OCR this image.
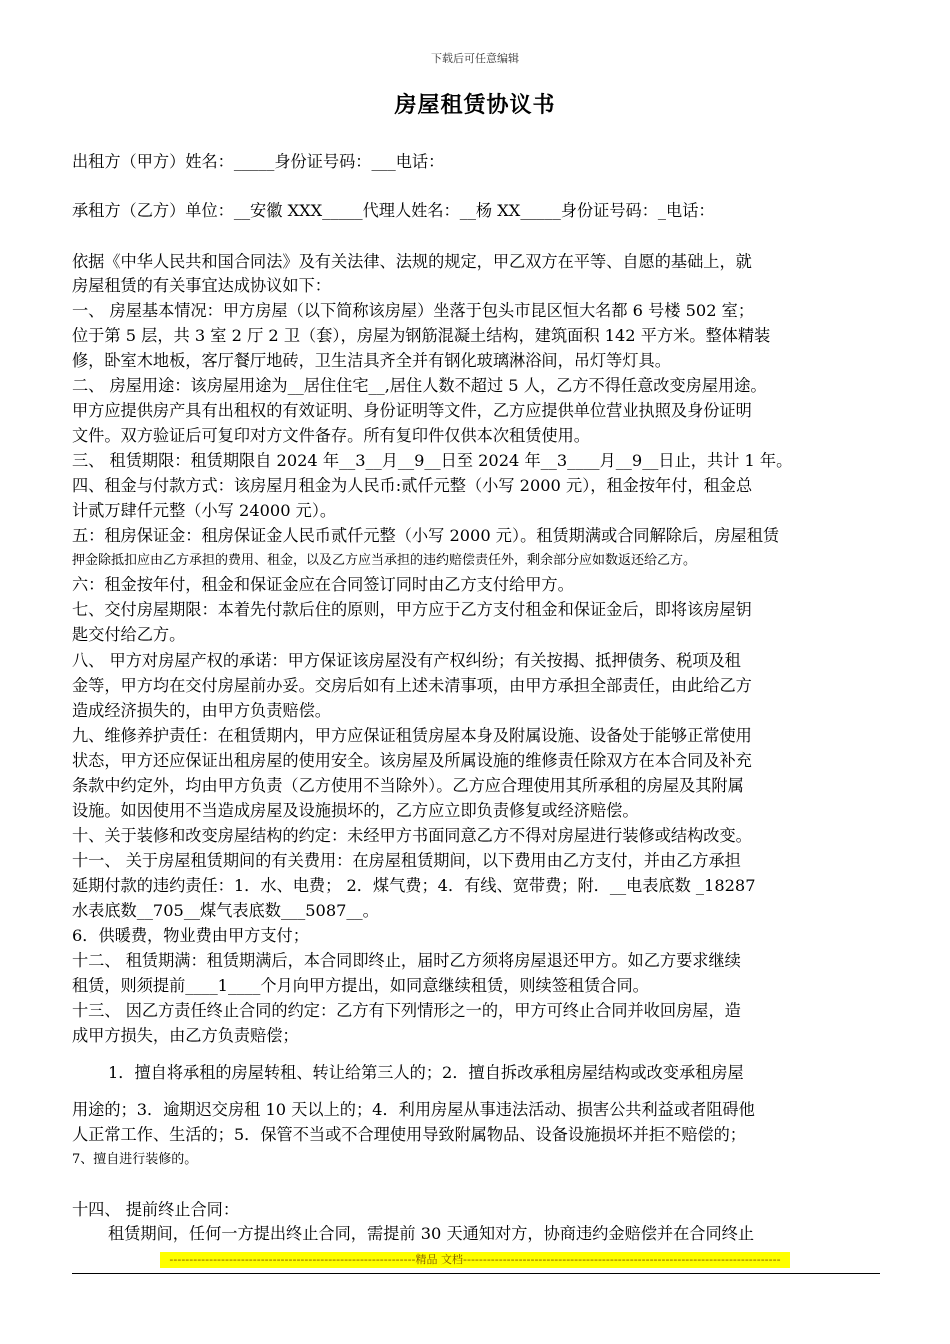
下载后可任意编辑
房屋租赁协议书
出租方（甲方）姓名：_____身份证号码：___电话：
承租方（乙方）单位：__安徽 XXX_____代理人姓名：__杨 XX_____身份证号码：_电话：
依据《中华人民共和国合同法》及有关法律、法规的规定，甲乙双方在平等、自愿的基础上，就
房屋租赁的有关事宜达成协议如下：
一、 房屋基本情况：甲方房屋（以下简称该房屋）坐落于包头市昆区恒大名都 6 号楼 502 室；
位于第 5 层，共 3 室 2 厅 2 卫（套），房屋为钢筋混凝土结构，建筑面积 142 平方米。整体精装
修，卧室木地板，客厅餐厅地砖，卫生洁具齐全并有钢化玻璃淋浴间，吊灯等灯具。
二、 房屋用途：该房屋用途为__居住住宅__,居住人数不超过 5 人，乙方不得任意改变房屋用途。
甲方应提供房产具有出租权的有效证明、身份证明等文件，乙方应提供单位营业执照及身份证明
文件。双方验证后可复印对方文件备存。所有复印件仅供本次租赁使用。
三、 租赁期限：租赁期限自 2024 年__3__月__9__日至 2024 年__3____月__9__日止，共计 1 年。
四、租金与付款方式：该房屋月租金为人民币:贰仟元整（小写 2000 元），租金按年付，租金总
计贰万肆仟元整（小写 24000 元）。
五：租房保证金：租房保证金人民币贰仟元整（小写 2000 元）。租赁期满或合同解除后，房屋租赁
押金除抵扣应由乙方承担的费用、租金，以及乙方应当承担的违约赔偿责任外，剩余部分应如数返还给乙方。
六：租金按年付，租金和保证金应在合同签订同时由乙方支付给甲方。
七、交付房屋期限：本着先付款后住的原则，甲方应于乙方支付租金和保证金后，即将该房屋钥
匙交付给乙方。
八、 甲方对房屋产权的承诺：甲方保证该房屋没有产权纠纷；有关按揭、抵押债务、税项及租
金等，甲方均在交付房屋前办妥。交房后如有上述未清事项，由甲方承担全部责任，由此给乙方
造成经济损失的，由甲方负责赔偿。
九、维修养护责任：在租赁期内，甲方应保证租赁房屋本身及附属设施、设备处于能够正常使用
状态，甲方还应保证出租房屋的使用安全。该房屋及所属设施的维修责任除双方在本合同及补充
条款中约定外，均由甲方负责（乙方使用不当除外）。乙方应合理使用其所承租的房屋及其附属
设施。如因使用不当造成房屋及设施损坏的，乙方应立即负责修复或经济赔偿。
十、关于装修和改变房屋结构的约定：未经甲方书面同意乙方不得对房屋进行装修或结构改变。
十一、 关于房屋租赁期间的有关费用：在房屋租赁期间，以下费用由乙方支付，并由乙方承担
延期付款的违约责任：1．水、电费； 2．煤气费；4．有线、宽带费；附．__电表底数 _18287
水表底数__705__煤气表底数___5087__。
6．供暖费，物业费由甲方支付；
十二、 租赁期满：租赁期满后，本合同即终止，届时乙方须将房屋退还甲方。如乙方要求继续
租赁，则须提前____1____个月向甲方提出，如同意继续租赁，则续签租赁合同。
十三、 因乙方责任终止合同的约定：乙方有下列情形之一的，甲方可终止合同并收回房屋，造
成甲方损失，由乙方负责赔偿；
1．擅自将承租的房屋转租、转让给第三人的；2．擅自拆改承租房屋结构或改变承租房屋
用途的；3．逾期迟交房租 10 天以上的；4．利用房屋从事违法活动、损害公共利益或者阻碍他
人正常工作、生活的；5．保管不当或不合理使用导致附属物品、设备设施损坏并拒不赔偿的；
7、擅自进行装修的。
十四、 提前终止合同：
租赁期间，任何一方提出终止合同，需提前 30 天通知对方，协商违约金赔偿并在合同终止
--------------------------------------------------------------精品 文档--------------------------------------------------------------------------------
